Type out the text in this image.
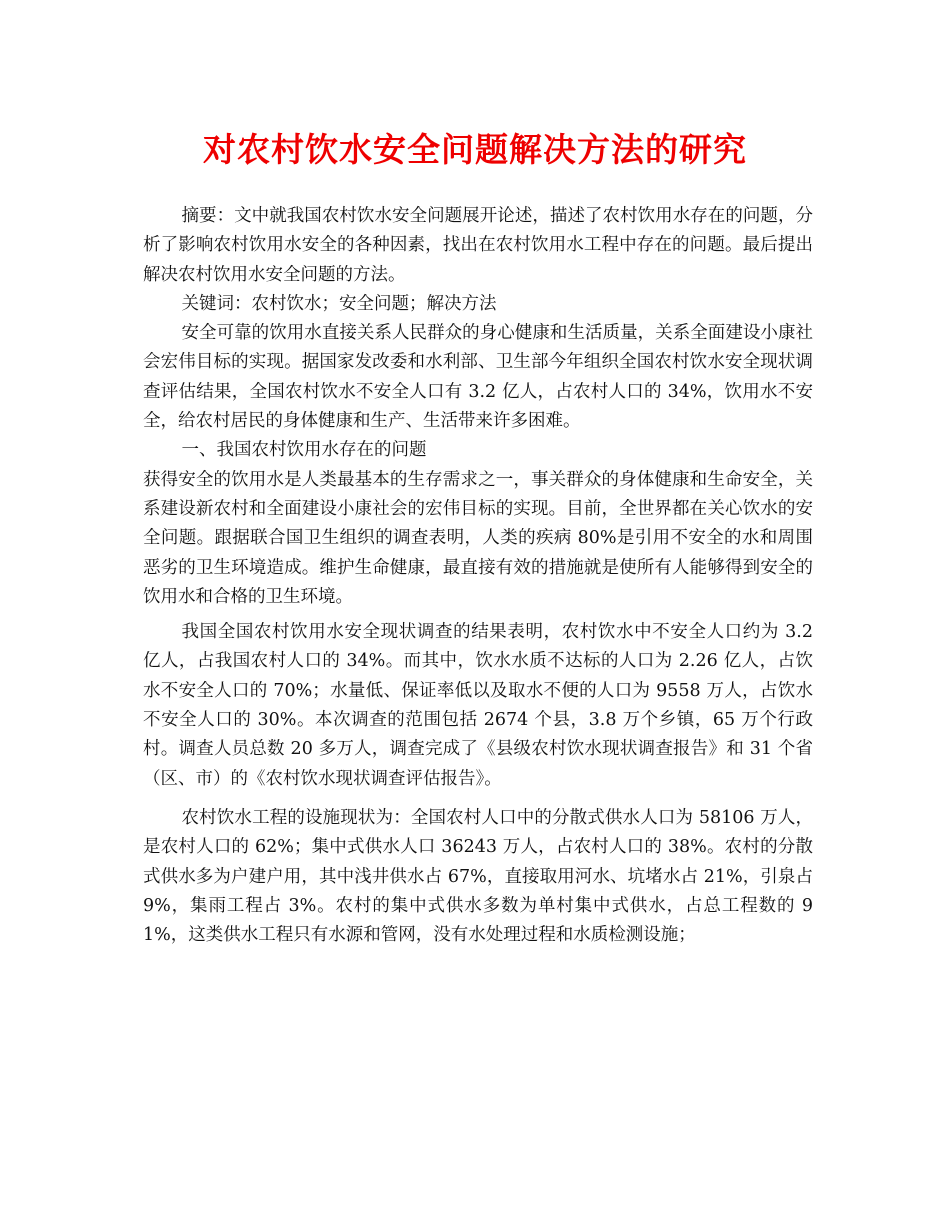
对农村饮水安全问题解决方法的研究

摘要：文中就我国农村饮水安全问题展开论述，描述了农村饮用水存在的问题，分析了影响农村饮用水安全的各种因素，找出在农村饮用水工程中存在的问题。最后提出解决农村饮用水安全问题的方法。

关键词：农村饮水；安全问题；解决方法

安全可靠的饮用水直接关系人民群众的身心健康和生活质量，关系全面建设小康社会宏伟目标的实现。据国家发改委和水利部、卫生部今年组织全国农村饮水安全现状调查评估结果，全国农村饮水不安全人口有 3.2 亿人，占农村人口的 34%，饮用水不安全，给农村居民的身体健康和生产、生活带来许多困难。

一、我国农村饮用水存在的问题

获得安全的饮用水是人类最基本的生存需求之一，事关群众的身体健康和生命安全，关系建设新农村和全面建设小康社会的宏伟目标的实现。目前，全世界都在关心饮水的安全问题。跟据联合国卫生组织的调查表明，人类的疾病 80%是引用不安全的水和周围恶劣的卫生环境造成。维护生命健康，最直接有效的措施就是使所有人能够得到安全的饮用水和合格的卫生环境。

我国全国农村饮用水安全现状调查的结果表明，农村饮水中不安全人口约为 3.2 亿人，占我国农村人口的 34%。而其中，饮水水质不达标的人口为 2.26 亿人，占饮水不安全人口的 70%；水量低、保证率低以及取水不便的人口为 9558 万人，占饮水不安全人口的 30%。本次调查的范围包括 2674 个县，3.8 万个乡镇，65 万个行政村。调查人员总数 20 多万人，调查完成了《县级农村饮水现状调查报告》和 31 个省（区、市）的《农村饮水现状调查评估报告》。

农村饮水工程的设施现状为：全国农村人口中的分散式供水人口为 58106 万人，是农村人口的 62%；集中式供水人口 36243 万人，占农村人口的 38%。农村的分散式供水多为户建户用，其中浅井供水占 67%，直接取用河水、坑堵水占 21%，引泉占 9%，集雨工程占 3%。农村的集中式供水多数为单村集中式供水，占总工程数的 91%，这类供水工程只有水源和管网，没有水处理过程和水质检测设施；
